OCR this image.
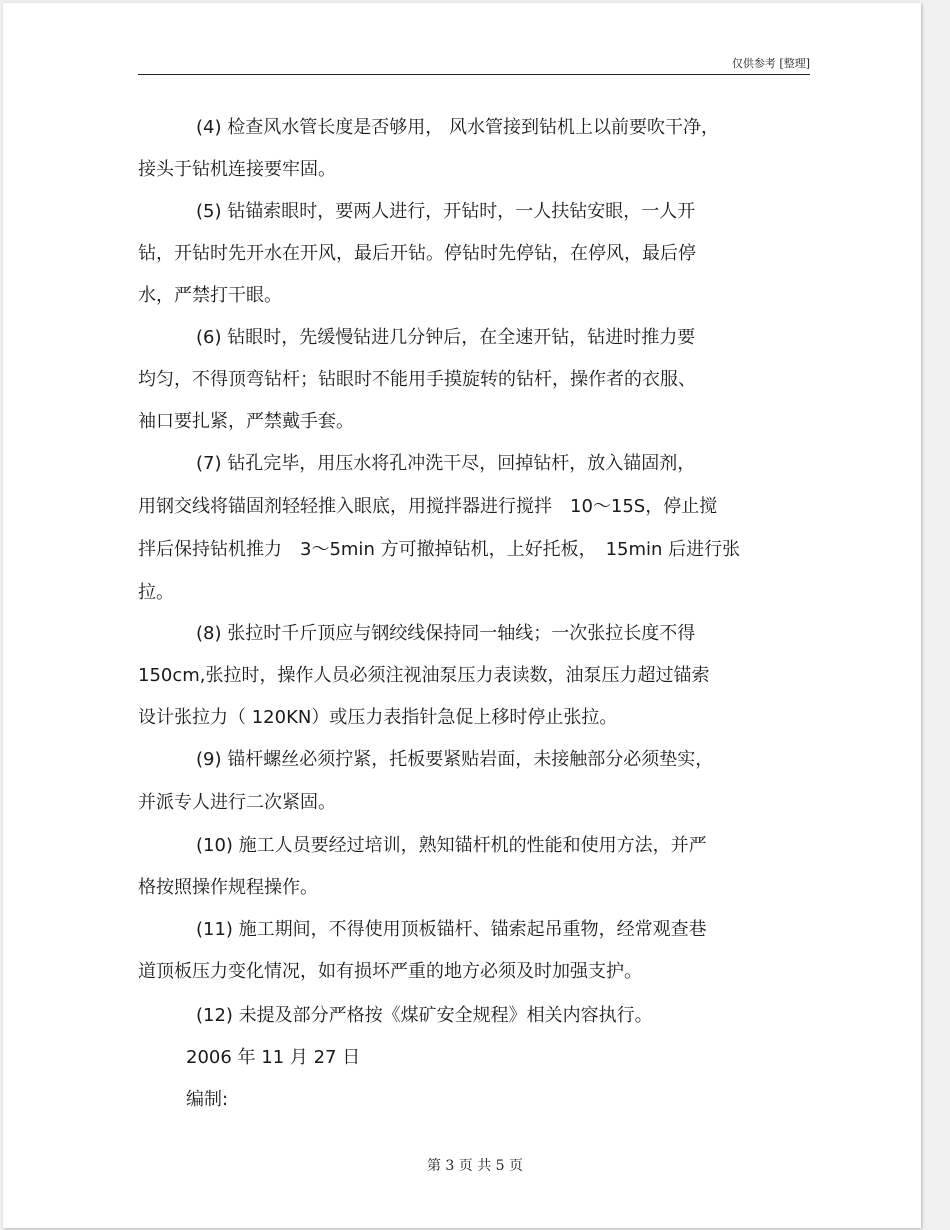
仅供参考 [整理]
(4) 检查风水管长度是否够用， 风水管接到钻机上以前要吹干净，
接头于钻机连接要牢固。
(5) 钻锚索眼时，要两人进行，开钻时，一人扶钻安眼，一人开
钻，开钻时先开水在开风，最后开钻。停钻时先停钻，在停风，最后停
水，严禁打干眼。
(6) 钻眼时，先缓慢钻进几分钟后，在全速开钻，钻进时推力要
均匀，不得顶弯钻杆；钻眼时不能用手摸旋转的钻杆，操作者的衣服、
袖口要扎紧，严禁戴手套。
(7) 钻孔完毕，用压水将孔冲洗干尽，回掉钻杆，放入锚固剂，
用钢交线将锚固剂轻轻推入眼底，用搅拌器进行搅拌　10～15S，停止搅
拌后保持钻机推力　3～5min 方可撤掉钻机，上好托板，　15min 后进行张
拉。
(8) 张拉时千斤顶应与钢绞线保持同一轴线；一次张拉长度不得
150cm,张拉时，操作人员必须注视油泵压力表读数，油泵压力超过锚索
设计张拉力（ 120KN）或压力表指针急促上移时停止张拉。
(9) 锚杆螺丝必须拧紧，托板要紧贴岩面，未接触部分必须垫实，
并派专人进行二次紧固。
(10) 施工人员要经过培训，熟知锚杆机的性能和使用方法，并严
格按照操作规程操作。
(11) 施工期间，不得使用顶板锚杆、锚索起吊重物，经常观查巷
道顶板压力变化情况，如有损坏严重的地方必须及时加强支护。
(12) 未提及部分严格按《煤矿安全规程》相关内容执行。
2006 年 11 月 27 日
编制:
第 3 页 共 5 页
